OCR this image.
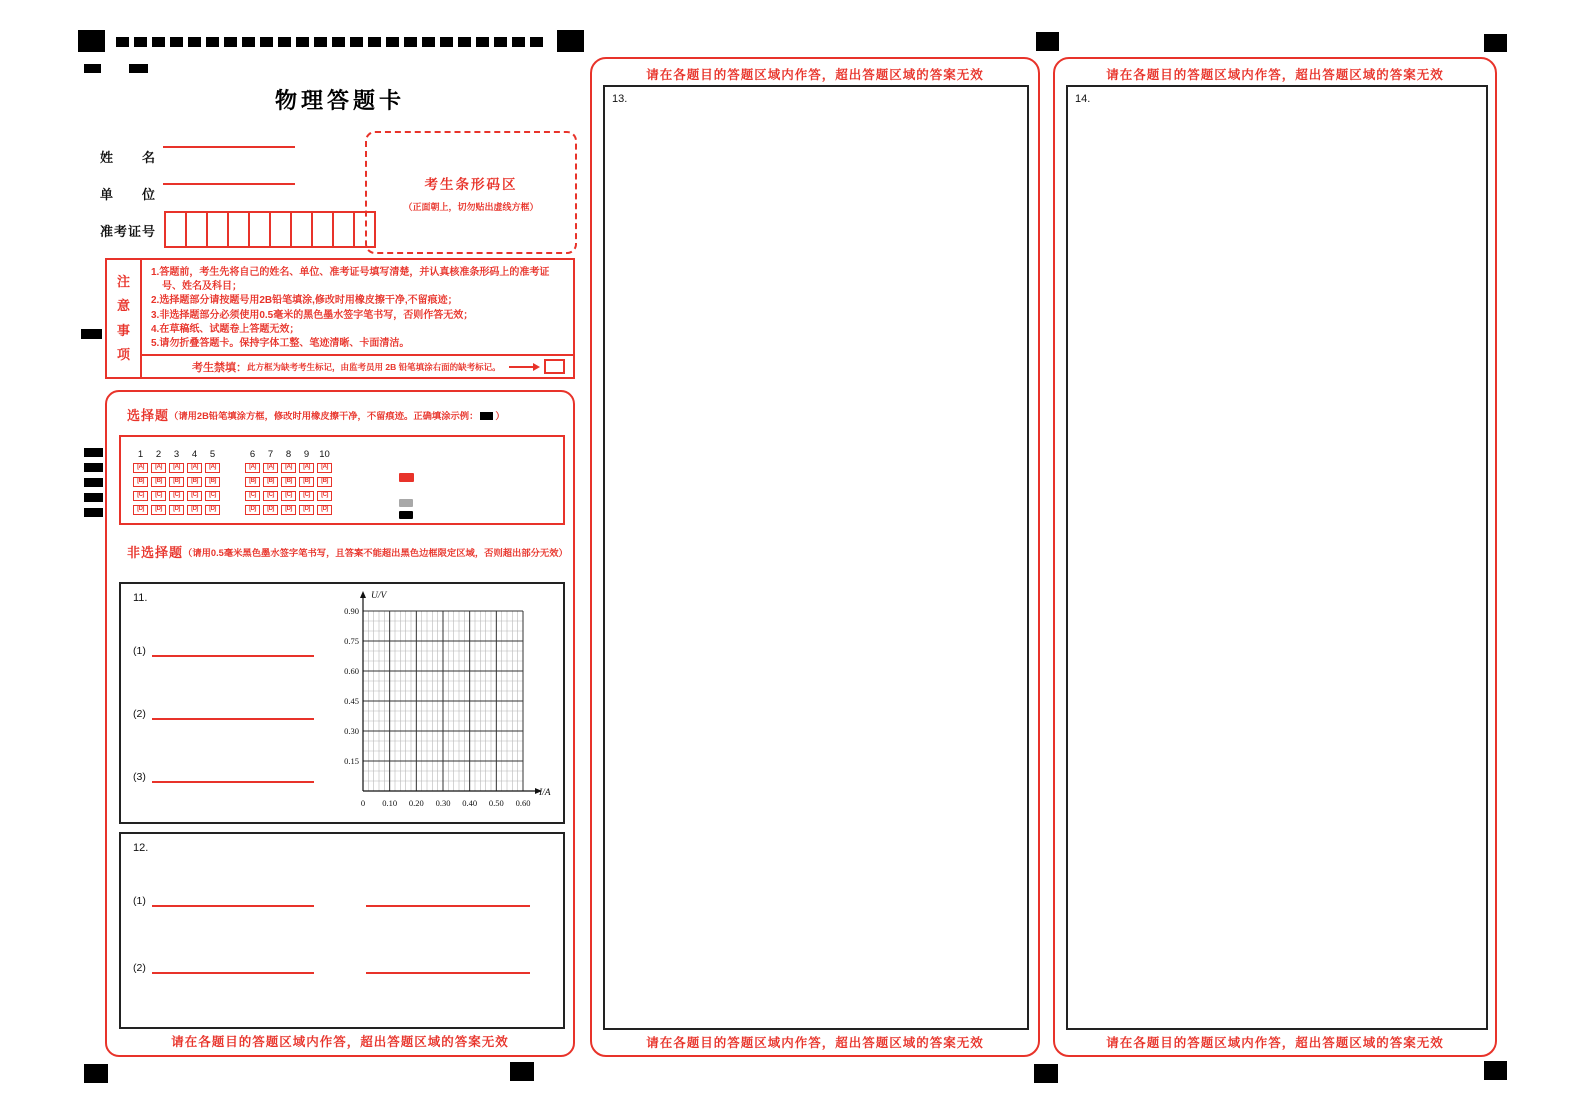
物理答题卡
姓　　名
单　　位
准考证号
考生条形码区
（正面朝上，切勿贴出虚线方框）
注
意
事
项
1.答题前，考生先将自己的姓名、单位、准考证号填写清楚，并认真核准条形码上的准考证号、姓名及科目；
2.选择题部分请按题号用2B铅笔填涂,修改时用橡皮擦干净,不留痕迹；
3.非选择题部分必须使用0.5毫米的黑色墨水签字笔书写，否则作答无效；
4.在草稿纸、试题卷上答题无效；
5.请勿折叠答题卡。保持字体工整、笔迹清晰、卡面清洁。
考生禁填： 此方框为缺考考生标记，由监考员用 2B 铅笔填涂右面的缺考标记。
选择题 （请用2B铅笔填涂方框，修改时用橡皮擦干净，不留痕迹。正确填涂示例： ）
1	2	3	4	5
[A]	[A]	[A]	[A]	[A]
[B]	[B]	[B]	[B]	[B]
[C]	[C]	[C]	[C]	[C]
[D]	[D]	[D]	[D]	[D]
6	7	8	9	10
[A]	[A]	[A]	[A]	[A]
[B]	[B]	[B]	[B]	[B]
[C]	[C]	[C]	[C]	[C]
[D]	[D]	[D]	[D]	[D]
非选择题 （请用0.5毫米黑色墨水签字笔书写，且答案不能超出黑色边框限定区域，否则超出部分无效）
11.	U/V
I/A
0.90
0.75
0.60
0.45
0.30
0.15
0 0.10 0.20 0.30 0.40 0.50 0.60
(1)
(2)
(3)
12.
(1)
(2)
请在各题目的答题区域内作答，超出答题区域的答案无效
请在各题目的答题区域内作答，超出答题区域的答案无效
13.
请在各题目的答题区域内作答，超出答题区域的答案无效
请在各题目的答题区域内作答，超出答题区域的答案无效
14.
请在各题目的答题区域内作答，超出答题区域的答案无效
